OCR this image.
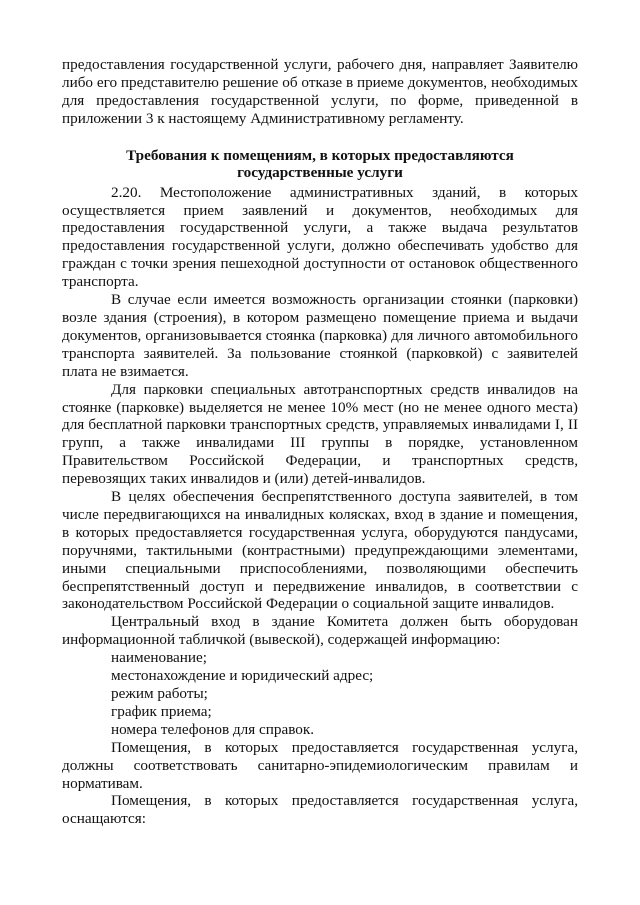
предоставления государственной услуги, рабочего дня, направляет Заявителю либо его представителю решение об отказе в приеме документов, необходимых для предоставления государственной услуги, по форме, приведенной в приложении 3 к настоящему Административному регламенту.

Требования к помещениям, в которых предоставляются
государственные услуги

2.20. Местоположение административных зданий, в которых осуществляется прием заявлений и документов, необходимых для предоставления государственной услуги, а также выдача результатов предоставления государственной услуги, должно обеспечивать удобство для граждан с точки зрения пешеходной доступности от остановок общественного транспорта.

В случае если имеется возможность организации стоянки (парковки) возле здания (строения), в котором размещено помещение приема и выдачи документов, организовывается стоянка (парковка) для личного автомобильного транспорта заявителей. За пользование стоянкой (парковкой) с заявителей плата не взимается.

Для парковки специальных автотранспортных средств инвалидов на стоянке (парковке) выделяется не менее 10% мест (но не менее одного места) для бесплатной парковки транспортных средств, управляемых инвалидами I, II групп, а также инвалидами III группы в порядке, установленном Правительством Российской Федерации, и транспортных средств, перевозящих таких инвалидов и (или) детей-инвалидов.

В целях обеспечения беспрепятственного доступа заявителей, в том числе передвигающихся на инвалидных колясках, вход в здание и помещения, в которых предоставляется государственная услуга, оборудуются пандусами, поручнями, тактильными (контрастными) предупреждающими элементами, иными специальными приспособлениями, позволяющими обеспечить беспрепятственный доступ и передвижение инвалидов, в соответствии с законодательством Российской Федерации о социальной защите инвалидов.

Центральный вход в здание Комитета должен быть оборудован информационной табличкой (вывеской), содержащей информацию:

наименование;
местонахождение и юридический адрес;
режим работы;
график приема;
номера телефонов для справок.

Помещения, в которых предоставляется государственная услуга, должны соответствовать санитарно-эпидемиологическим правилам и нормативам.

Помещения, в которых предоставляется государственная услуга, оснащаются:
